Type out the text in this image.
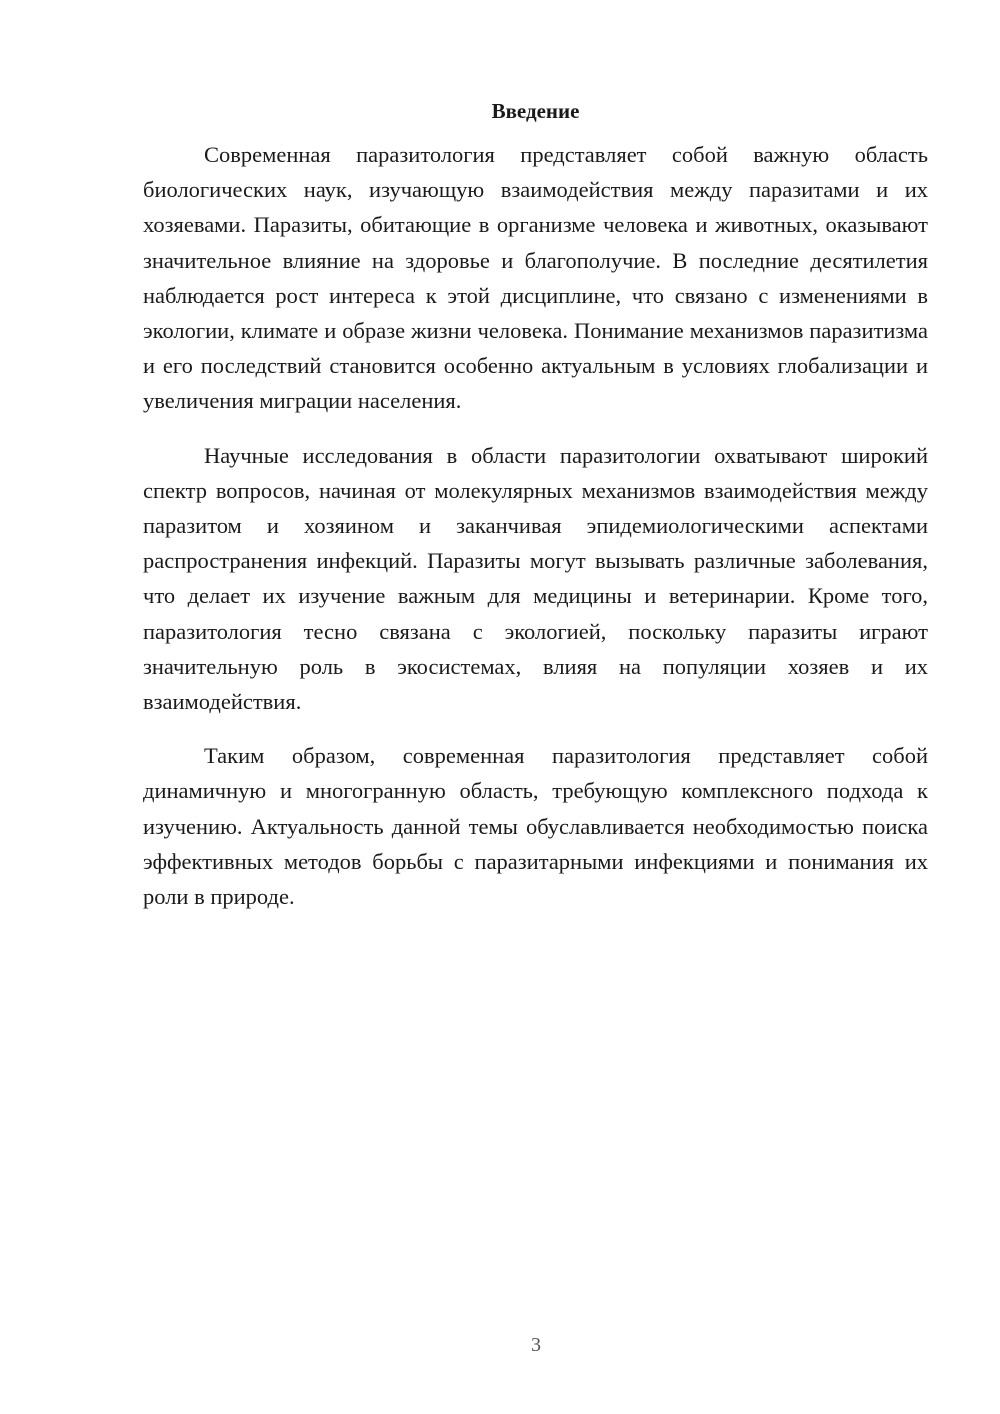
Введение

Современная паразитология представляет собой важную область биологических наук, изучающую взаимодействия между паразитами и их хозяевами. Паразиты, обитающие в организме человека и животных, оказывают значительное влияние на здоровье и благополучие. В последние десятилетия наблюдается рост интереса к этой дисциплине, что связано с изменениями в экологии, климате и образе жизни человека. Понимание механизмов паразитизма и его последствий становится особенно актуальным в условиях глобализации и увеличения миграции населения.

Научные исследования в области паразитологии охватывают широкий спектр вопросов, начиная от молекулярных механизмов взаимодействия между паразитом и хозяином и заканчивая эпидемиологическими аспектами распространения инфекций. Паразиты могут вызывать различные заболевания, что делает их изучение важным для медицины и ветеринарии. Кроме того, паразитология тесно связана с экологией, поскольку паразиты играют значительную роль в экосистемах, влияя на популяции хозяев и их взаимодействия.

Таким образом, современная паразитология представляет собой динамичную и многогранную область, требующую комплексного подхода к изучению. Актуальность данной темы обуславливается необходимостью поиска эффективных методов борьбы с паразитарными инфекциями и понимания их роли в природе.

3
